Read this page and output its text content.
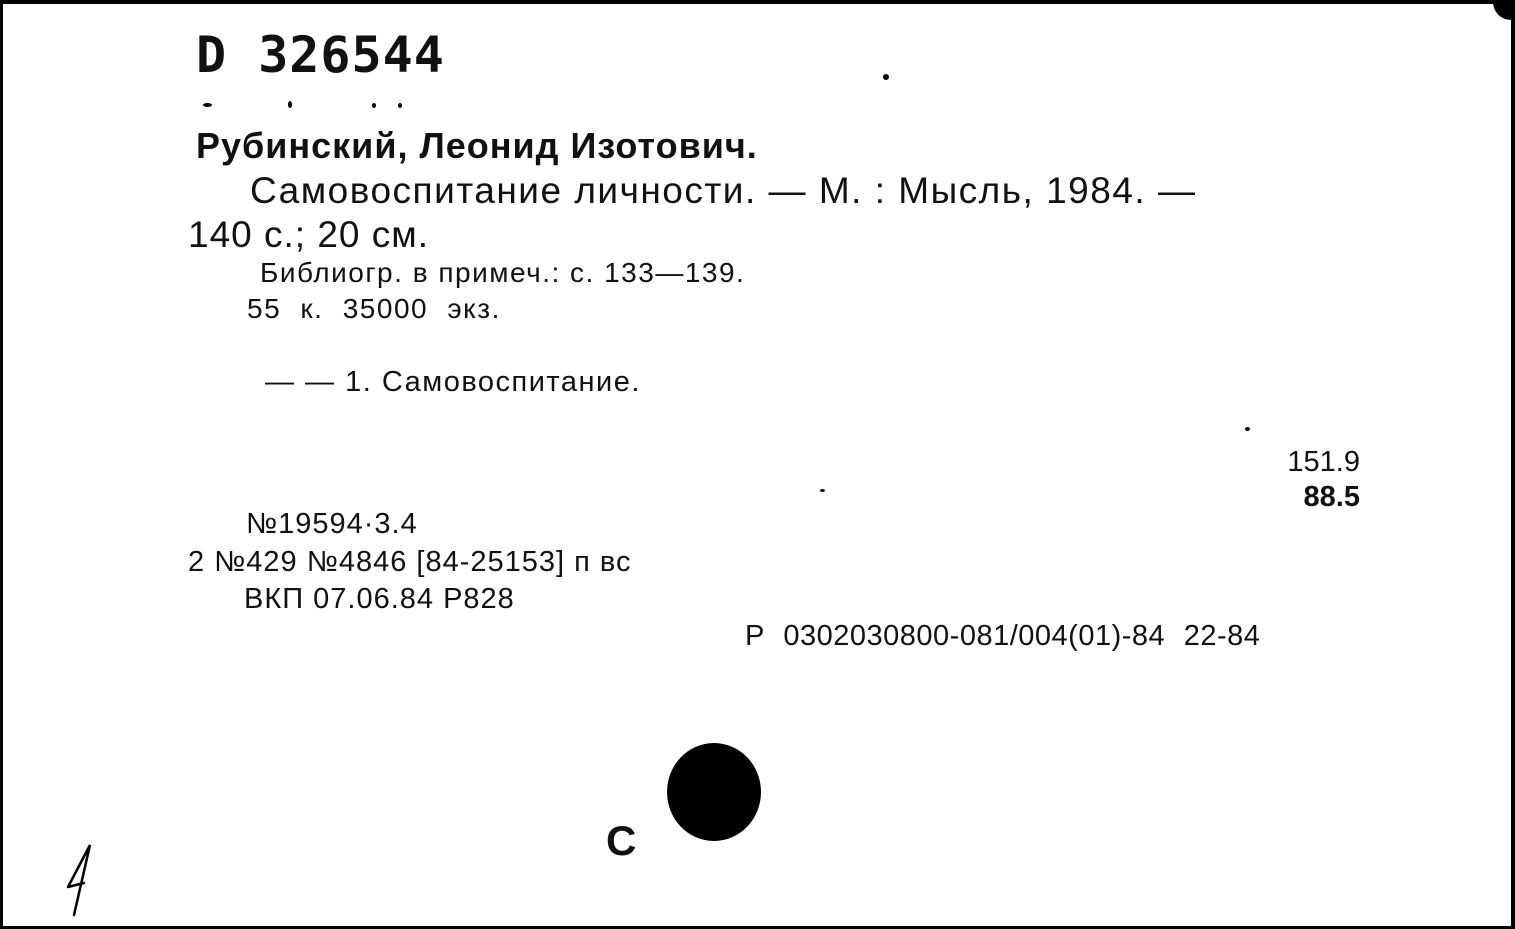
D 326544
Рубинский, Леонид Изотович.
Самовоспитание личности. — М. : Мысль, 1984. —
140 с.; 20 см.
Библиогр. в примеч.: с. 133—139.
55 к. 35000 экз.
— — 1. Самовоспитание.
151.9
88.5
№19594·3.4
2 №429 №4846 [84-25153] п вс
ВКП 07.06.84 Р828
Р 0302030800-081/004(01)-84 22-84
С
